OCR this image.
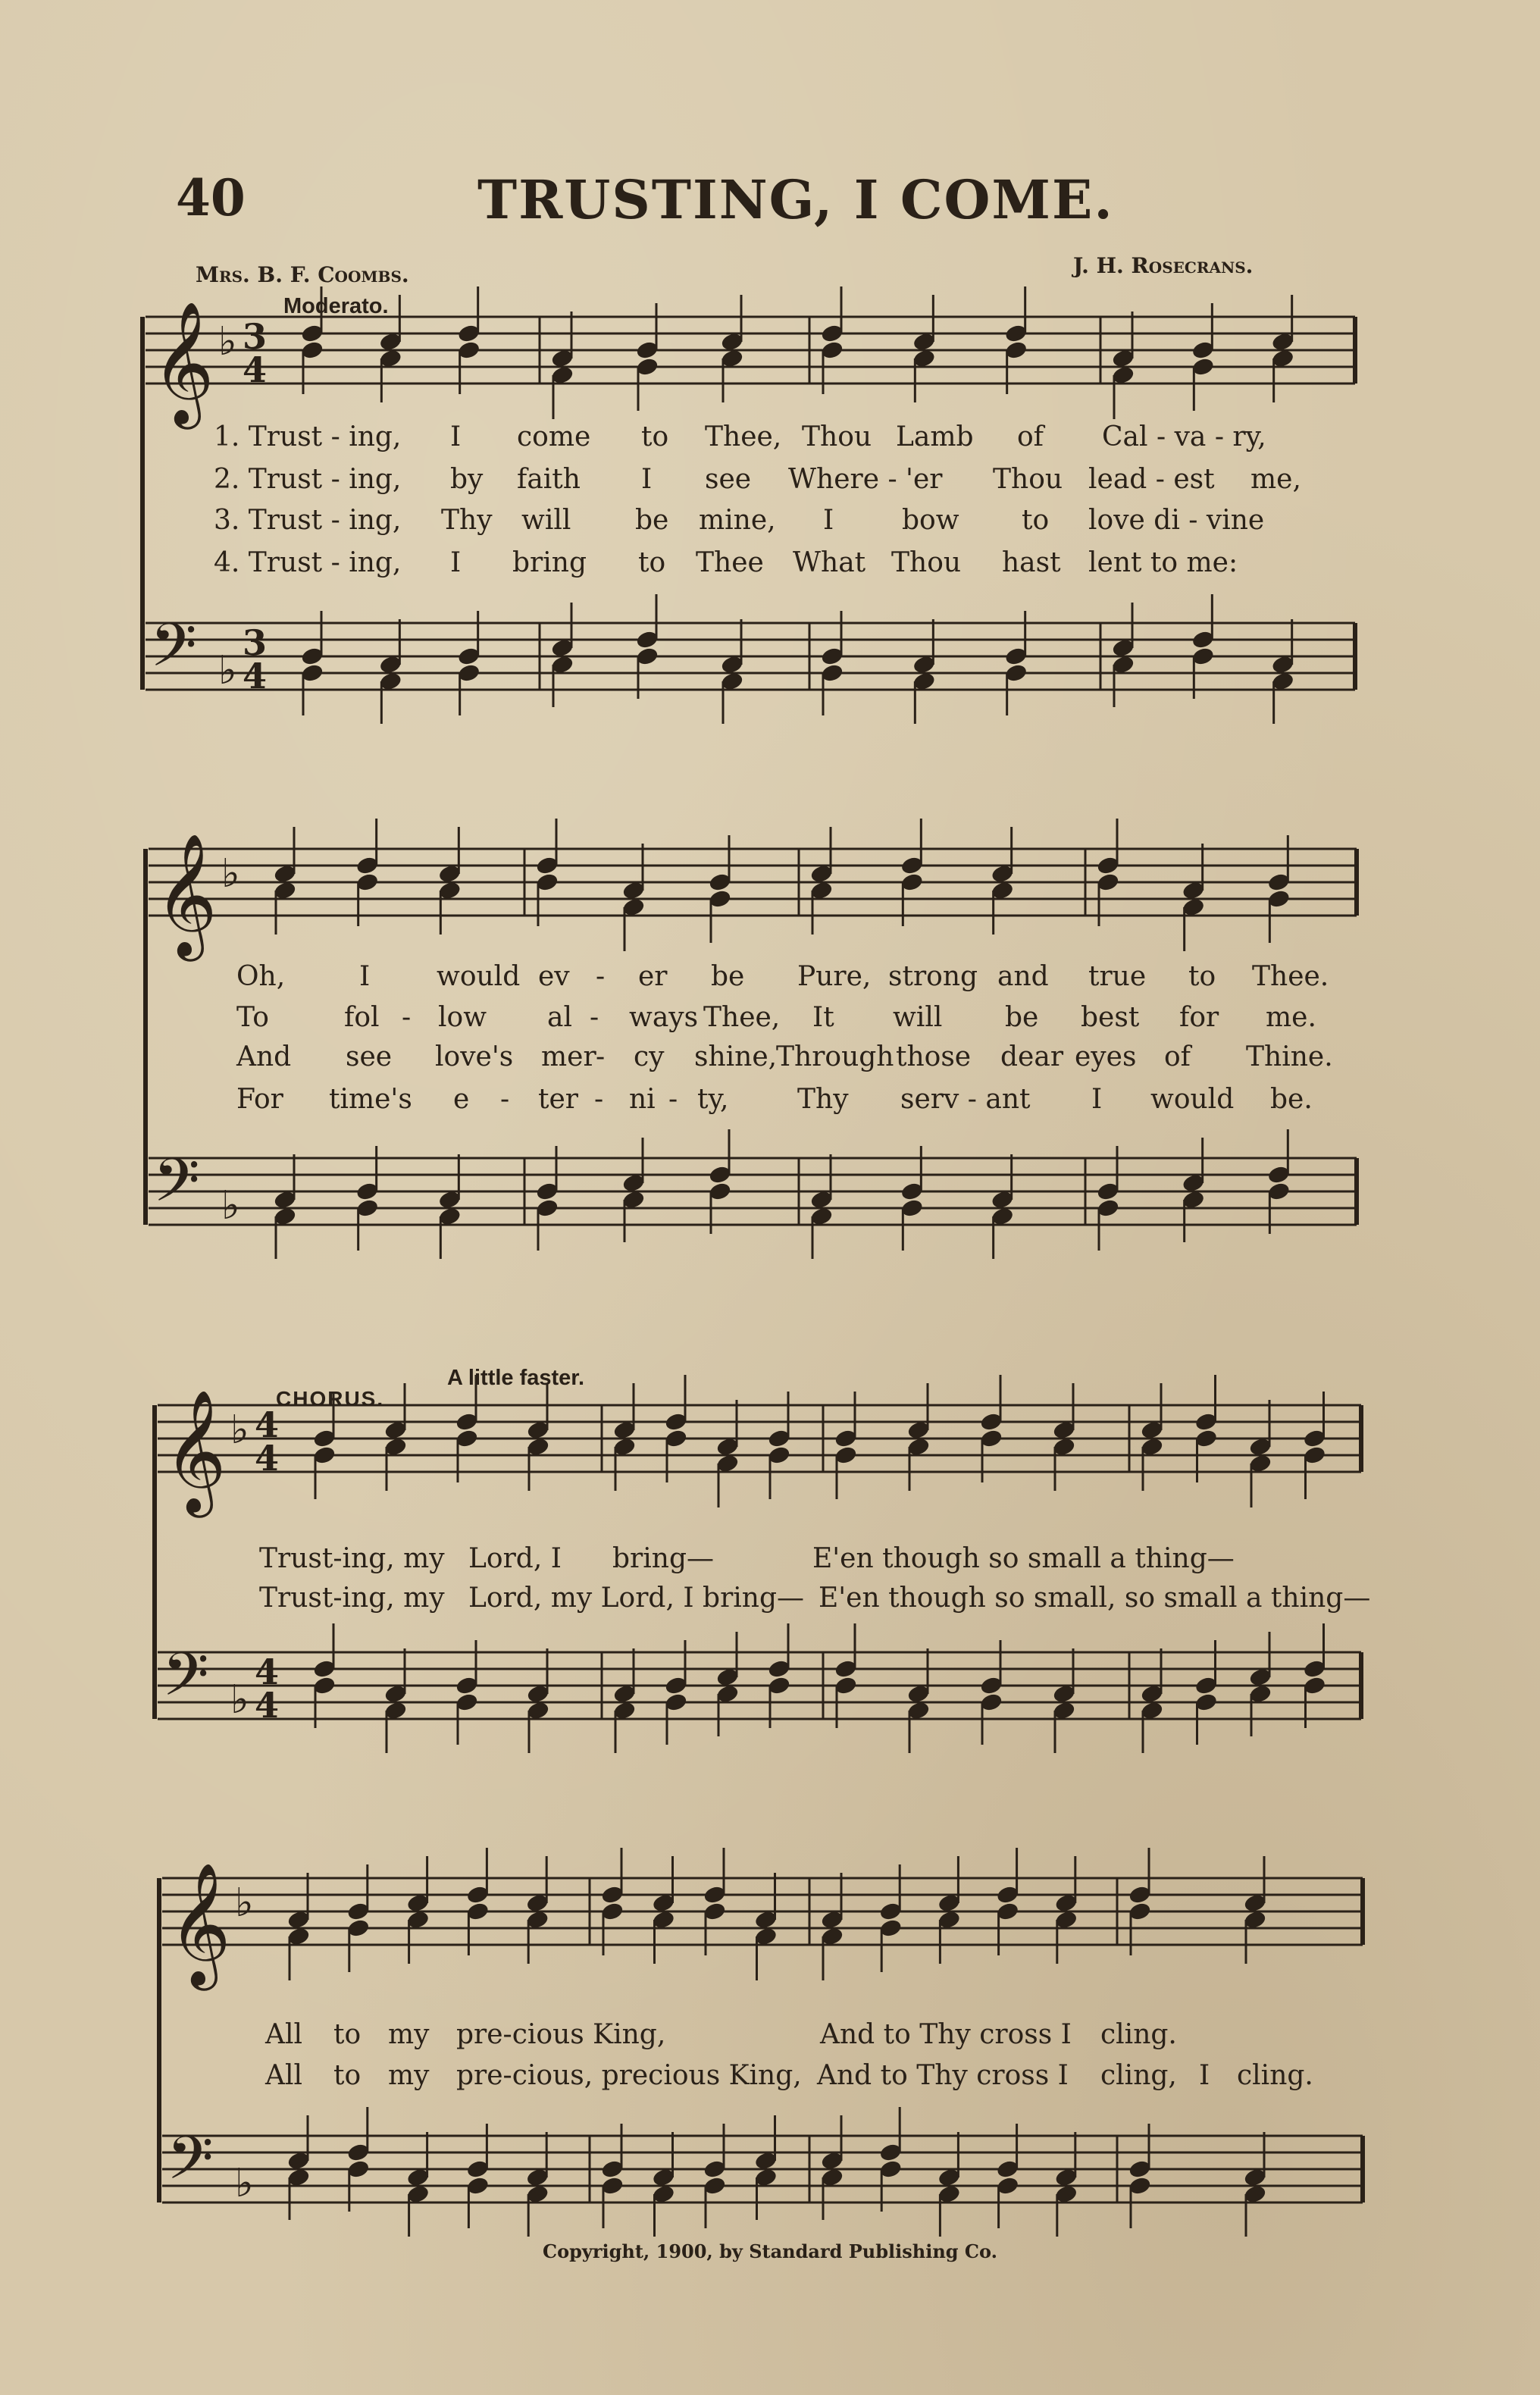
40	TRUSTING, I COME.
Mrs. B. F. Coombs.	J. H. Rosecrans.
Moderato.
CHORUS.
A little faster.
1. Trust - ing, I come to Thee, Thou Lamb of Cal - va - ry,
2. Trust - ing, by faith I see Where - 'er Thou lead - est me,
3. Trust - ing, Thy will be mine, I bow to love di - vine
4. Trust - ing, I bring to Thee What Thou hast lent to me:
Oh,	I would ev - er be Pure, strong and true to Thee.
To	fol - low al - ways Thee, It will be best for me.
And see love's mer - cy shine,
Through those dear eyes of Thine.
For time's e - ter - ni - ty,	Thy serv - ant I would be.
Trust-ing, my Lord, I bring—	E'en though so small a thing—
Trust-ing, my Lord, my Lord, I bring— E'en though so small, so small a thing—
All to my pre-cious King,	And to Thy cross I cling.
All to my pre-cious, precious King, And to Thy cross I cling, I cling.
Copyright, 1900, by Standard Publishing Co.
𝄞
𝄢
♭
♭
3
4
3
4
𝄞
𝄢
♭
♭
𝄞
𝄢
♭
♭
4
4
4
4
𝄞
𝄢
♭
♭
